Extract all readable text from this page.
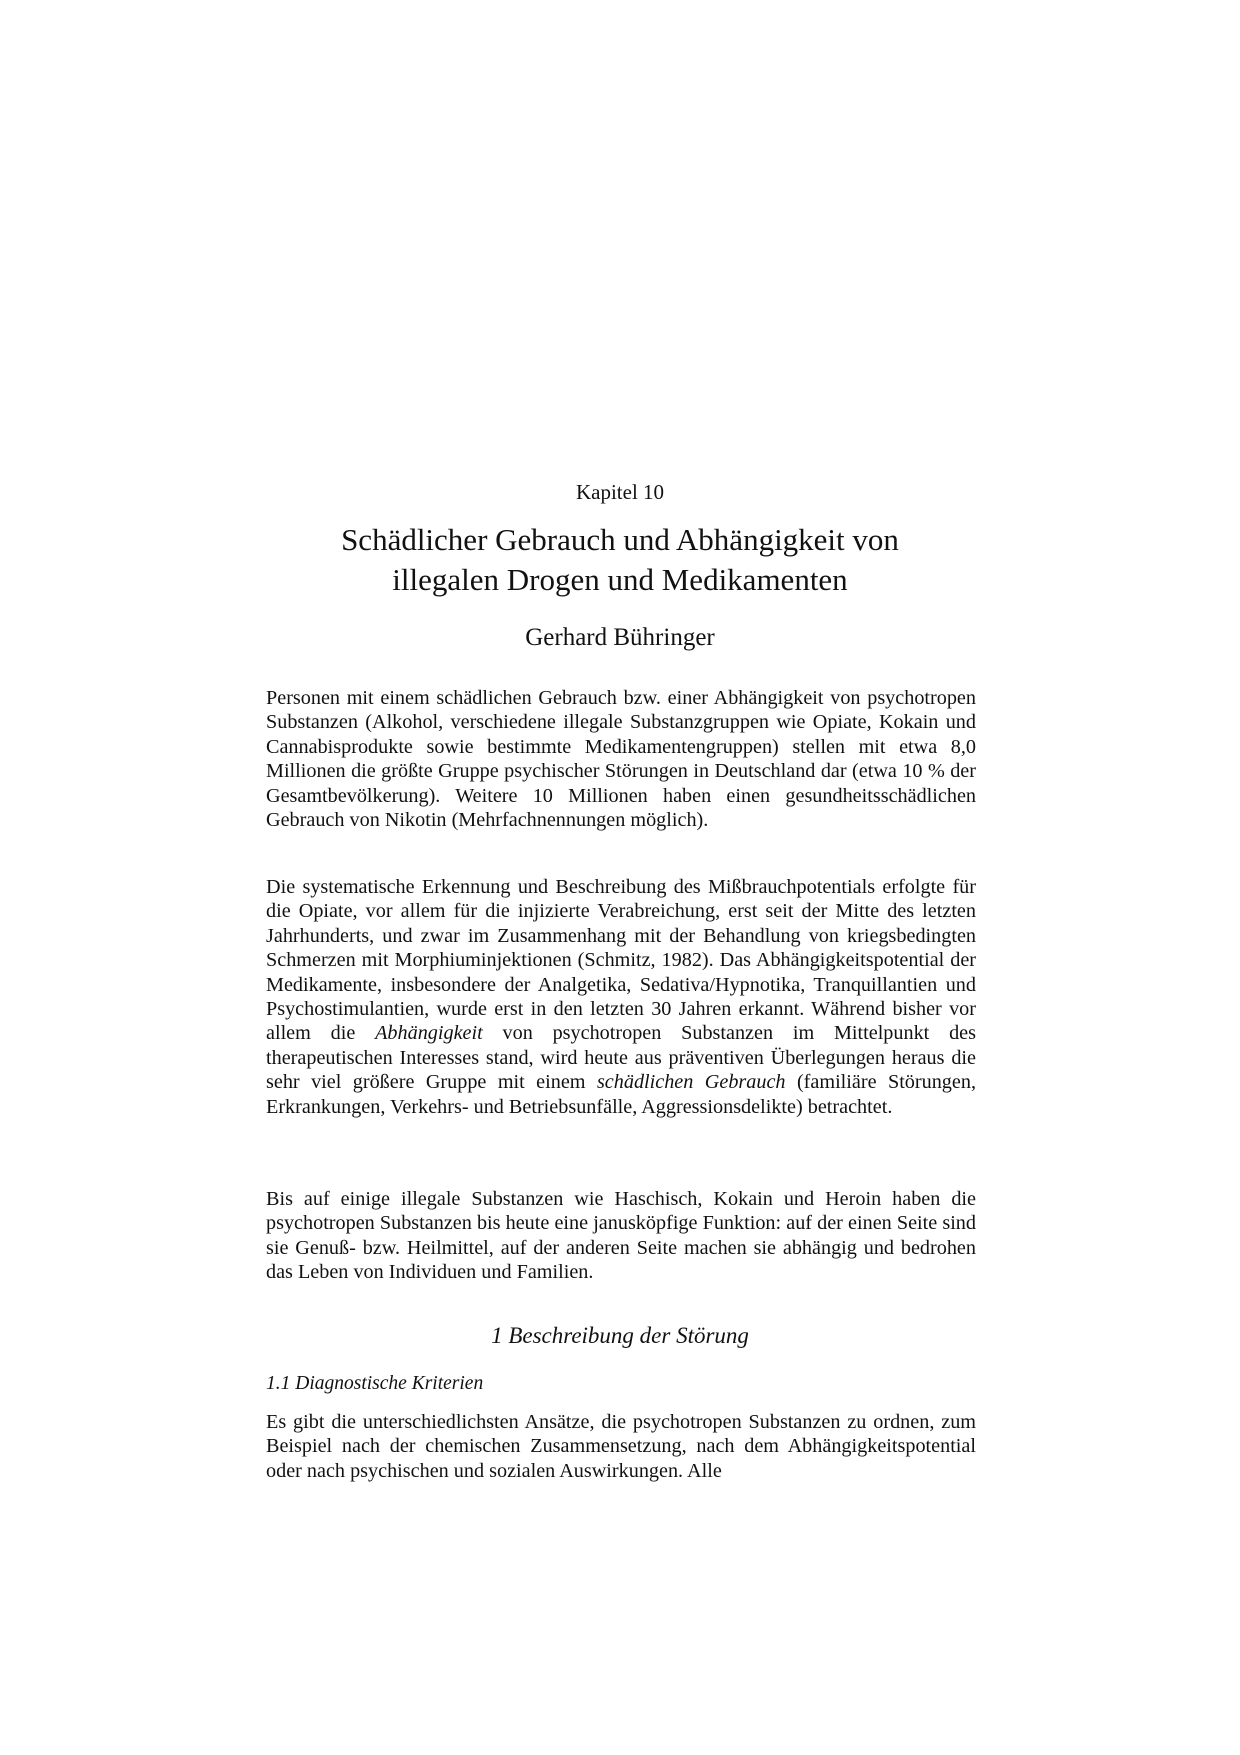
Kapitel 10
Schädlicher Gebrauch und Abhängigkeit von
illegalen Drogen und Medikamenten
Gerhard Bühringer

Personen mit einem schädlichen Gebrauch bzw. einer Abhängigkeit von psychotropen Substanzen (Alkohol, verschiedene illegale Substanzgruppen wie Opiate, Kokain und Cannabisprodukte sowie bestimmte Medikamentengruppen) stellen mit etwa 8,0 Millionen die größte Gruppe psychischer Störungen in Deutschland dar (etwa 10 % der Gesamtbevölkerung). Weitere 10 Millionen haben einen gesundheitsschädlichen Gebrauch von Nikotin (Mehrfachnennungen möglich).

Die systematische Erkennung und Beschreibung des Mißbrauchpotentials erfolgte für die Opiate, vor allem für die injizierte Verabreichung, erst seit der Mitte des letzten Jahrhunderts, und zwar im Zusammenhang mit der Behandlung von kriegsbedingten Schmerzen mit Morphiuminjektionen (Schmitz, 1982). Das Abhängigkeitspotential der Medikamente, insbesondere der Analgetika, Sedativa/Hypnotika, Tranquillantien und Psychostimulantien, wurde erst in den letzten 30 Jahren erkannt. Während bisher vor allem die Abhängigkeit von psychotropen Substanzen im Mittelpunkt des therapeutischen Interesses stand, wird heute aus präventiven Überlegungen heraus die sehr viel größere Gruppe mit einem schädlichen Gebrauch (familiäre Störungen, Erkrankungen, Verkehrs- und Betriebsunfälle, Aggressionsdelikte) betrachtet.

Bis auf einige illegale Substanzen wie Haschisch, Kokain und Heroin haben die psychotropen Substanzen bis heute eine janusköpfige Funktion: auf der einen Seite sind sie Genuß- bzw. Heilmittel, auf der anderen Seite machen sie abhängig und bedrohen das Leben von Individuen und Familien.

1 Beschreibung der Störung
1.1 Diagnostische Kriterien

Es gibt die unterschiedlichsten Ansätze, die psychotropen Substanzen zu ordnen, zum Beispiel nach der chemischen Zusammensetzung, nach dem Abhängigkeitspotential oder nach psychischen und sozialen Auswirkungen. Alle
